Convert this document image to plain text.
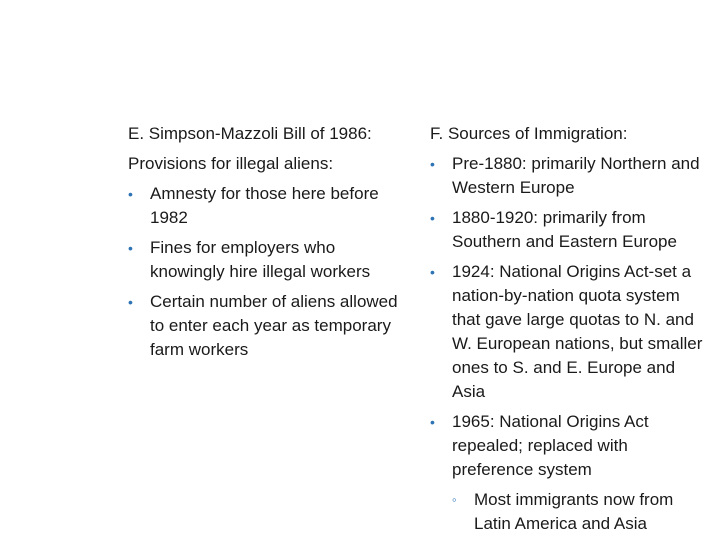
E. Simpson-Mazzoli Bill of 1986:

Provisions for illegal aliens:

•	Amnesty for those here before 1982
•	Fines for employers who knowingly hire illegal workers
•	Certain number of aliens allowed to enter each year as temporary farm workers

F. Sources of Immigration:

•	Pre-1880: primarily Northern and Western Europe
•	1880-1920: primarily from Southern and Eastern Europe
•	1924: National Origins Act-set a nation-by-nation quota system that gave large quotas to N. and W. European nations, but smaller ones to S. and E. Europe and Asia
•	1965: National Origins Act repealed; replaced with preference system
◦	Most immigrants now from Latin America and Asia
